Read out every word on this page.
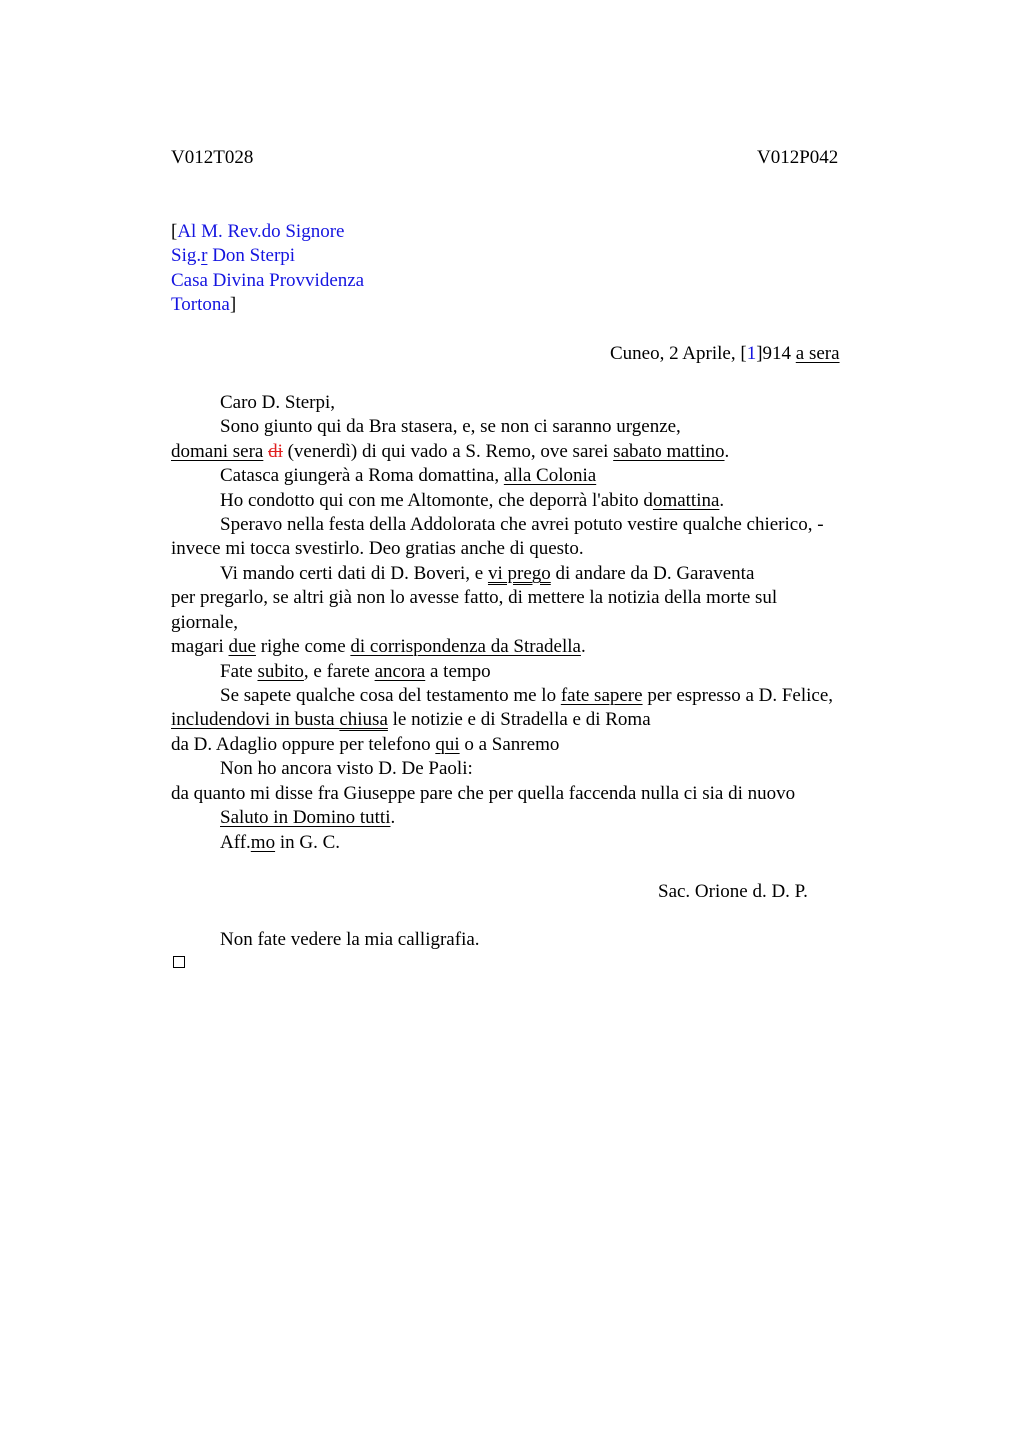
V012T028	V012P042
[Al M. Rev.do Signore
Sig.r Don Sterpi
Casa Divina Provvidenza
Tortona]
Cuneo, 2 Aprile, [1]914 a sera
Caro D. Sterpi,
Sono giunto qui da Bra stasera, e, se non ci saranno urgenze,
domani sera di (venerdì) di qui vado a S. Remo, ove sarei sabato mattino.
Catasca giungerà a Roma domattina, alla Colonia
Ho condotto qui con me Altomonte, che deporrà l'abito domattina.
Speravo nella festa della Addolorata che avrei potuto vestire qualche chierico, -
invece mi tocca svestirlo. Deo gratias anche di questo.
Vi mando certi dati di D. Boveri, e vi prego di andare da D. Garaventa
per pregarlo, se altri già non lo avesse fatto, di mettere la notizia della morte sul
giornale,
magari due righe come di corrispondenza da Stradella.
Fate subito, e farete ancora a tempo
Se sapete qualche cosa del testamento me lo fate sapere per espresso a D. Felice,
includendovi in busta chiusa le notizie e di Stradella e di Roma
da D. Adaglio oppure per telefono qui o a Sanremo
Non ho ancora visto D. De Paoli:
da quanto mi disse fra Giuseppe pare che per quella faccenda nulla ci sia di nuovo
Saluto in Domino tutti.
Aff.mo in G. C.
Sac. Orione d. D. P.
Non fate vedere la mia calligrafia.
